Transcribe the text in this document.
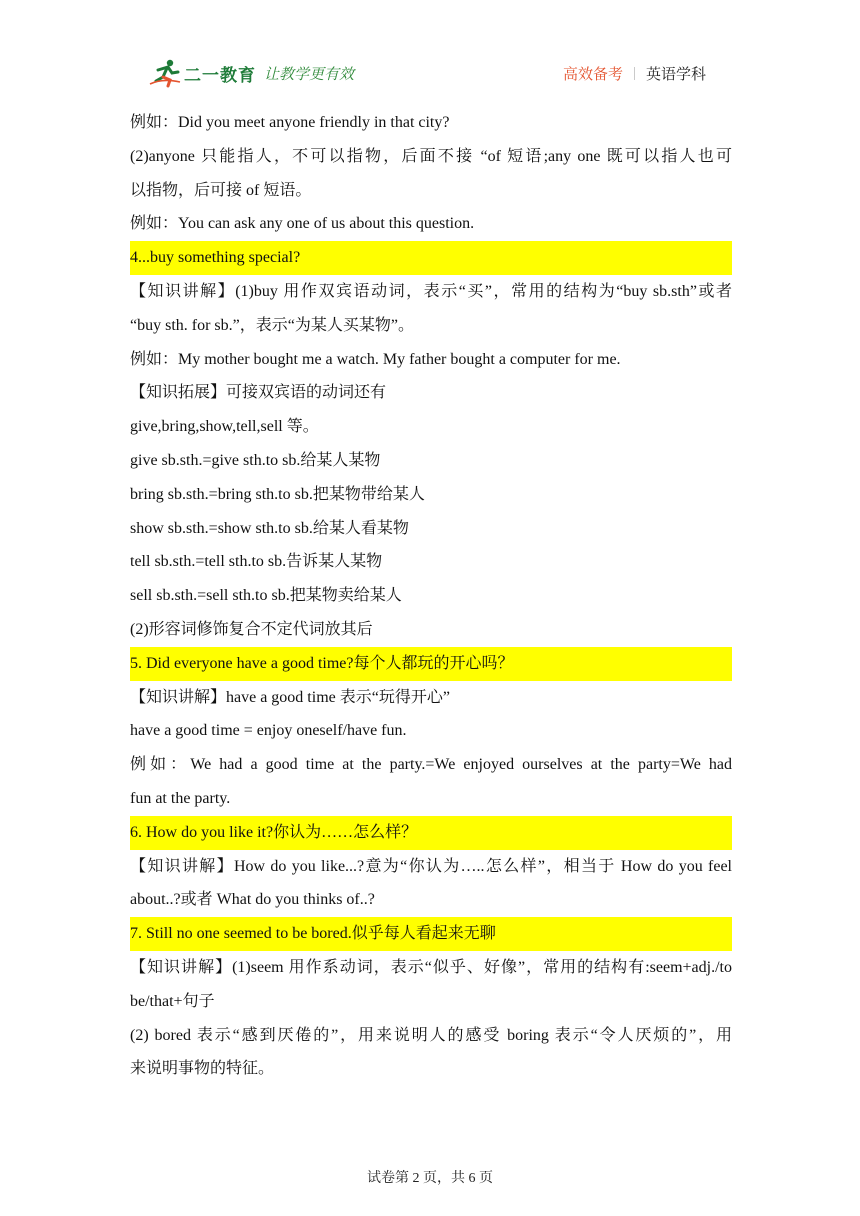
二一教育 让教学更有效	高效备考 | 英语学科
例如：Did you meet anyone friendly in that city?
(2)anyone 只能指人，不可以指物，后面不接 “of 短语;any one 既可以指人也可
以指物，后可接 of 短语。
例如：You can ask any one of us about this question.
4...buy something special?
【知识讲解】(1)buy 用作双宾语动词，表示“买”，常用的结构为“buy sb.sth”或者
“buy sth. for sb.”，表示“为某人买某物”。
例如：My mother bought me a watch. My father bought a computer for me.
【知识拓展】可接双宾语的动词还有
give,bring,show,tell,sell 等。
give sb.sth.=give sth.to sb.给某人某物
bring sb.sth.=bring sth.to sb.把某物带给某人
show sb.sth.=show sth.to sb.给某人看某物
tell sb.sth.=tell sth.to sb.告诉某人某物
sell sb.sth.=sell sth.to sb.把某物卖给某人
(2)形容词修饰复合不定代词放其后
5. Did everyone have a good time?每个人都玩的开心吗？
【知识讲解】have a good time 表示“玩得开心”
have a good time = enjoy oneself/have fun.
例如：We had a good time at the party.=We enjoyed ourselves at the party=We had
fun at the party.
6. How do you like it?你认为……怎么样？
【知识讲解】How do you like...?意为“你认为…..怎么样”，相当于 How do you feel
about..?或者 What do you thinks of..?
7. Still no one seemed to be bored.似乎每人看起来无聊
【知识讲解】(1)seem 用作系动词，表示“似乎、好像”，常用的结构有:seem+adj./to
be/that+句子
(2) bored 表示“感到厌倦的”，用来说明人的感受 boring 表示“令人厌烦的”，用
来说明事物的特征。
试卷第 2 页，共 6 页
